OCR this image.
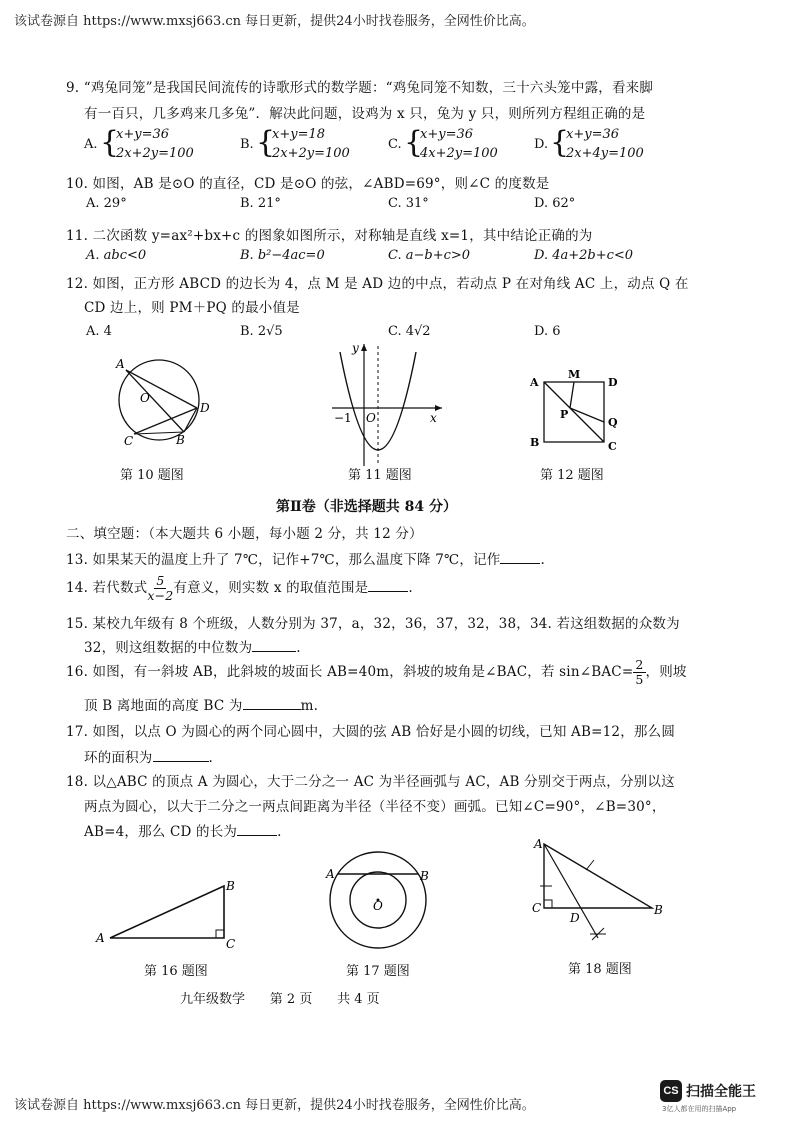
该试卷源自 https://www.mxsj663.cn 每日更新，提供24小时找卷服务，全网性价比高。
9. “鸡兔同笼”是我国民间流传的诗歌形式的数学题：“鸡兔同笼不知数，三十六头笼中露，看来脚
有一百只，几多鸡来几多兔”．解决此问题，设鸡为 x 只，兔为 y 只，则所列方程组正确的是
A. {
x+y=36
2x+2y=100
B. {
x+y=18
2x+2y=100
C. {
x+y=36
4x+2y=100
D. {
x+y=36
2x+4y=100
10. 如图，AB 是⊙O 的直径，CD 是⊙O 的弦，∠ABD=69°，则∠C 的度数是
A. 29°	B. 21°	C. 31°	D. 62°
11. 二次函数 y=ax²+bx+c 的图象如图所示，对称轴是直线 x=1，其中结论正确的为
A. abc<0	B. b²−4ac=0	C. a−b+c>0	D. 4a+2b+c<0
12. 如图，正方形 ABCD 的边长为 4，点 M 是 AD 边的中点，若动点 P 在对角线 AC 上，动点 Q 在
CD 边上，则 PM＋PQ 的最小值是
A. 4	B. 2√5	C. 4√2	D. 6
A
O
D
C	B
第 10 题图
y
x
−1 O
第 11 题图
A
M
D
P
Q
B	C
第 12 题图
第Ⅱ卷（非选择题共 84 分）
二、填空题：（本大题共 6 小题，每小题 2 分，共 12 分）
13. 如果某天的温度上升了 7℃，记作+7℃，那么温度下降 7℃，记作	.
14. 若代数式 $\frac{5}{x-2}$ 有意义，则实数 x 的取值范围是	.
15. 某校九年级有 8 个班级，人数分别为 37，a，32，36，37，32，38，34. 若这组数据的众数为
32，则这组数据的中位数为	.
16. 如图，有一斜坡 AB，此斜坡的坡面长 AB=40m，斜坡的坡角是∠BAC，若 sin∠BAC= $\frac{2}{5}$ ，则坡
顶 B 离地面的高度 BC 为	m.
17. 如图，以点 O 为圆心的两个同心圆中，大圆的弦 AB 恰好是小圆的切线，已知 AB=12，那么圆
环的面积为	.
18. 以△ABC 的顶点 A 为圆心，大于二分之一 AC 为半径画弧与 AC，AB 分别交于两点，分别以这
两点为圆心，以大于二分之一两点间距离为半径（半径不变）画弧。已知∠C=90°，∠B=30°，
AB=4，那么 CD 的长为	.
A
B
C
第 16 题图
A	B
O
第 17 题图
A
C
D
B
第 18 题图
九年级数学      第 2 页      共 4 页
该试卷源自 https://www.mxsj663.cn 每日更新，提供24小时找卷服务，全网性价比高。
CS 扫描全能王
3亿人都在用的扫描App
